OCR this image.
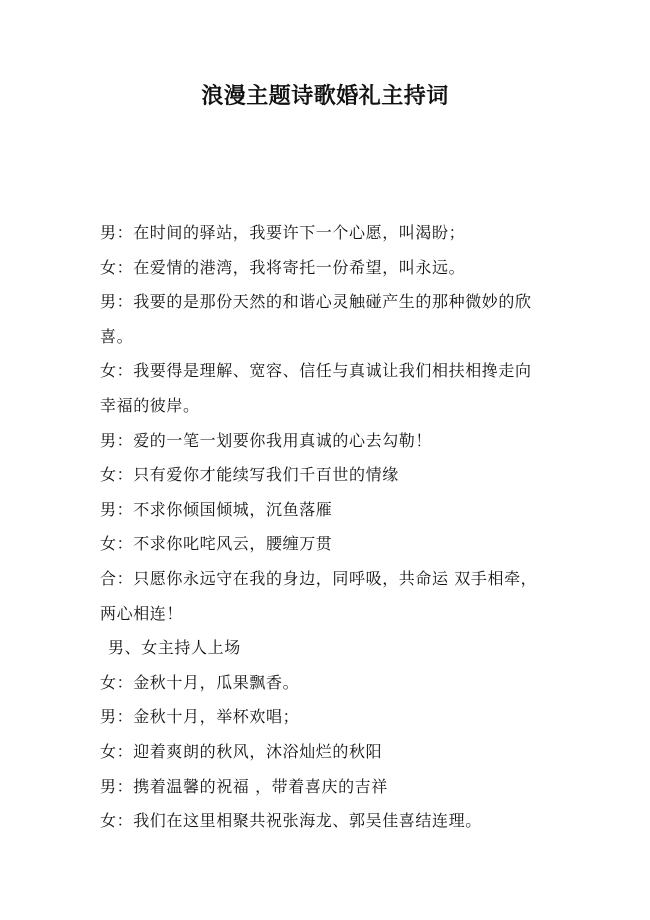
浪漫主题诗歌婚礼主持词
男：在时间的驿站，我要许下一个心愿，叫渴盼；
女：在爱情的港湾，我将寄托一份希望，叫永远。
男：我要的是那份天然的和谐心灵触碰产生的那种微妙的欣
喜。
女：我要得是理解、宽容、信任与真诚让我们相扶相搀走向
幸福的彼岸。
男：爱的一笔一划要你我用真诚的心去勾勒！
女：只有爱你才能续写我们千百世的情缘
男：不求你倾国倾城，沉鱼落雁
女：不求你叱咤风云，腰缠万贯
合：只愿你永远守在我的身边，同呼吸，共命运 双手相牵，
两心相连！
男、女主持人上场
女：金秋十月，瓜果飘香。
男：金秋十月，举杯欢唱；
女：迎着爽朗的秋风，沐浴灿烂的秋阳
男：携着温馨的祝福 ，带着喜庆的吉祥
女：我们在这里相聚共祝张海龙、郭吴佳喜结连理。
